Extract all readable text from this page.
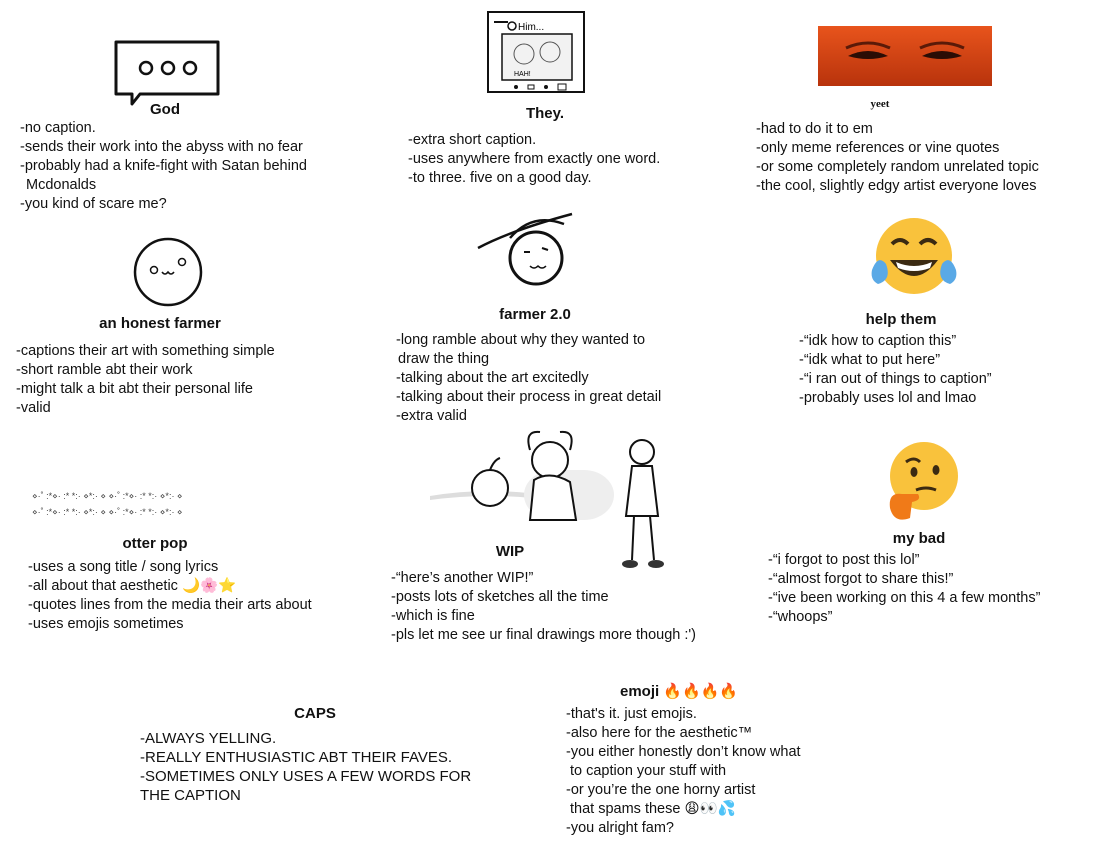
God
-no caption.
-sends their work into the abyss with no fear
-probably had a knife-fight with Satan behind
Mcdonalds
-you kind of scare me?
Him...
HAH!
They.
-extra short caption.
-uses anywhere from exactly one word.
-to three. five on a good day.
yeet
-had to do it to em
-only meme references or vine quotes
-or some completely random unrelated topic
-the cool, slightly edgy artist everyone loves
an honest farmer
-captions their art with something simple
-short ramble abt their work
-might talk a bit abt their personal life
-valid
farmer 2.0
-long ramble about why they wanted to
draw the thing
-talking about the art excitedly
-talking about their process in great detail
-extra valid
help them
-“idk how to caption this”
-“idk what to put here”
-“i ran out of things to caption”
-probably uses lol and lmao
⋄·˚ :*⋄· :* *:· ⋄*:· ⋄ ⋄·˚ :*⋄· :* *:· ⋄*:· ⋄
⋄·˚ :*⋄· :* *:· ⋄*:· ⋄ ⋄·˚ :*⋄· :* *:· ⋄*:· ⋄
otter pop
-uses a song title / song lyrics
-all about that aesthetic 🌙🌸⭐
-quotes lines from the media their arts about
-uses emojis sometimes
WIP
-“here’s another WIP!”
-posts lots of sketches all the time
-which is fine
-pls let me see ur final drawings more though :')
my bad
-“i forgot to post this lol”
-“almost forgot to share this!”
-“ive been working on this 4 a few months”
-“whoops”
CAPS
-ALWAYS YELLING.
-REALLY ENTHUSIASTIC ABT THEIR FAVES.
-SOMETIMES ONLY USES A FEW WORDS FOR
THE CAPTION
emoji 🔥🔥🔥🔥
-that's it. just emojis.
-also here for the aesthetic™
-you either honestly don’t know what
to caption your stuff with
-or you’re the one horny artist
that spams these 😩👀💦
-you alright fam?
